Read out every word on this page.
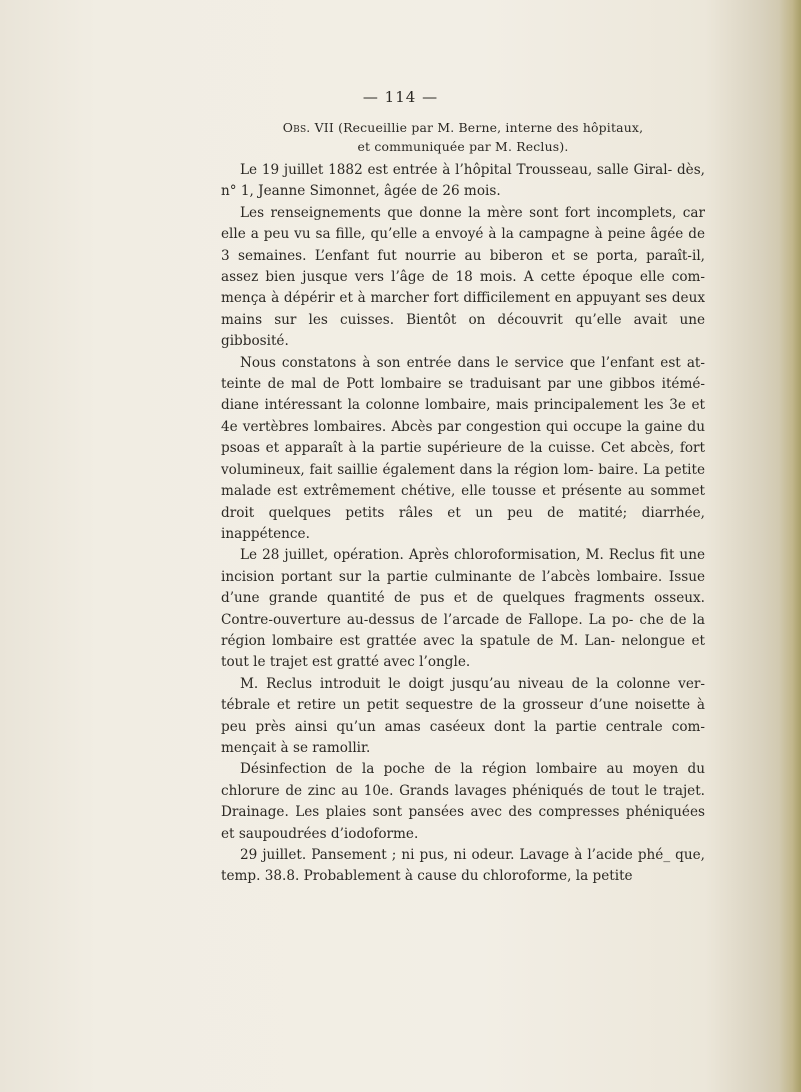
— 114 —
Obs. VII (Recueillie par M. Berne, interne des hôpitaux,
et communiquée par M. Reclus).

Le 19 juillet 1882 est entrée à l’hôpital Trousseau, salle Giral- dès, n° 1, Jeanne Simonnet, âgée de 26 mois.

Les renseignements que donne la mère sont fort incomplets, car elle a peu vu sa fille, qu’elle a envoyé à la campagne à peine âgée de 3 semaines. L’enfant fut nourrie au biberon et se porta, paraît-il, assez bien jusque vers l’âge de 18 mois. A cette époque elle com- mença à dépérir et à marcher fort difficilement en appuyant ses deux mains sur les cuisses. Bientôt on découvrit qu’elle avait une gibbosité.

Nous constatons à son entrée dans le service que l’enfant est at- teinte de mal de Pott lombaire se traduisant par une gibbos itémé- diane intéressant la colonne lombaire, mais principalement les 3e et 4e vertèbres lombaires. Abcès par congestion qui occupe la gaine du psoas et apparaît à la partie supérieure de la cuisse. Cet abcès, fort volumineux, fait saillie également dans la région lom- baire. La petite malade est extrêmement chétive, elle tousse et présente au sommet droit quelques petits râles et un peu de matité; diarrhée, inappétence.

Le 28 juillet, opération. Après chloroformisation, M. Reclus fit une incision portant sur la partie culminante de l’abcès lombaire. Issue d’une grande quantité de pus et de quelques fragments osseux. Contre-ouverture au-dessus de l’arcade de Fallope. La po- che de la région lombaire est grattée avec la spatule de M. Lan- nelongue et tout le trajet est gratté avec l’ongle.

M. Reclus introduit le doigt jusqu’au niveau de la colonne ver- tébrale et retire un petit sequestre de la grosseur d’une noisette à peu près ainsi qu’un amas caséeux dont la partie centrale com- mençait à se ramollir.

Désinfection de la poche de la région lombaire au moyen du chlorure de zinc au 10e. Grands lavages phéniqués de tout le trajet. Drainage. Les plaies sont pansées avec des compresses phéniquées et saupoudrées d’iodoforme.

29 juillet. Pansement ; ni pus, ni odeur. Lavage à l’acide phé_ que, temp. 38.8. Probablement à cause du chloroforme, la petite
